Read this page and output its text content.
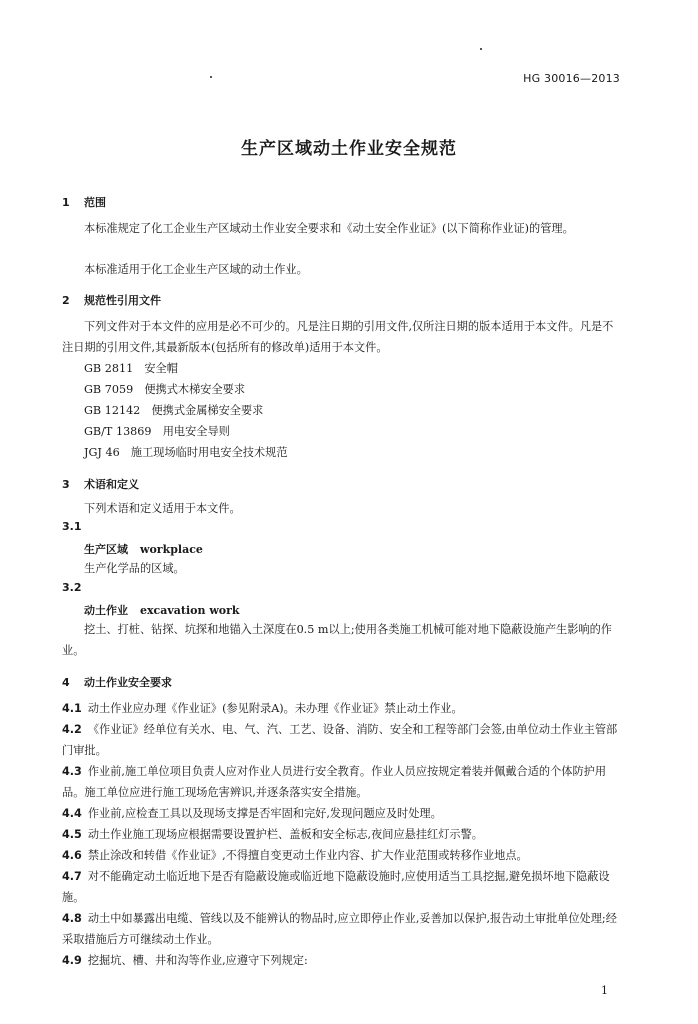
HG 30016—2013
生产区域动土作业安全规范
1 范围
本标准规定了化工企业生产区域动土作业安全要求和《动土安全作业证》(以下简称作业证)的管理。
本标准适用于化工企业生产区域的动土作业。
2 规范性引用文件
下列文件对于本文件的应用是必不可少的。凡是注日期的引用文件,仅所注日期的版本适用于本文件。凡是不注日期的引用文件,其最新版本(包括所有的修改单)适用于本文件。
GB 2811　安全帽
GB 7059　便携式木梯安全要求
GB 12142　便携式金属梯安全要求
GB/T 13869　用电安全导则
JGJ 46　施工现场临时用电安全技术规范
3 术语和定义
下列术语和定义适用于本文件。
3.1
生产区域 workplace
生产化学品的区域。
3.2
动土作业 excavation work
挖土、打桩、钻探、坑探和地锚入土深度在0.5 m以上;使用各类施工机械可能对地下隐蔽设施产生影响的作业。
4 动土作业安全要求
4.1 动土作业应办理《作业证》(参见附录A)。未办理《作业证》禁止动土作业。
4.2 《作业证》经单位有关水、电、气、汽、工艺、设备、消防、安全和工程等部门会签,由单位动土作业主管部门审批。
4.3 作业前,施工单位项目负责人应对作业人员进行安全教育。作业人员应按规定着装并佩戴合适的个体防护用品。施工单位应进行施工现场危害辨识,并逐条落实安全措施。
4.4 作业前,应检查工具以及现场支撑是否牢固和完好,发现问题应及时处理。
4.5 动土作业施工现场应根据需要设置护栏、盖板和安全标志,夜间应悬挂红灯示警。
4.6 禁止涂改和转借《作业证》,不得擅自变更动土作业内容、扩大作业范围或转移作业地点。
4.7 对不能确定动土临近地下是否有隐蔽设施或临近地下隐蔽设施时,应使用适当工具挖掘,避免损坏地下隐蔽设施。
4.8 动土中如暴露出电缆、管线以及不能辨认的物品时,应立即停止作业,妥善加以保护,报告动土审批单位处理;经采取措施后方可继续动土作业。
4.9 挖掘坑、槽、井和沟等作业,应遵守下列规定:
1
